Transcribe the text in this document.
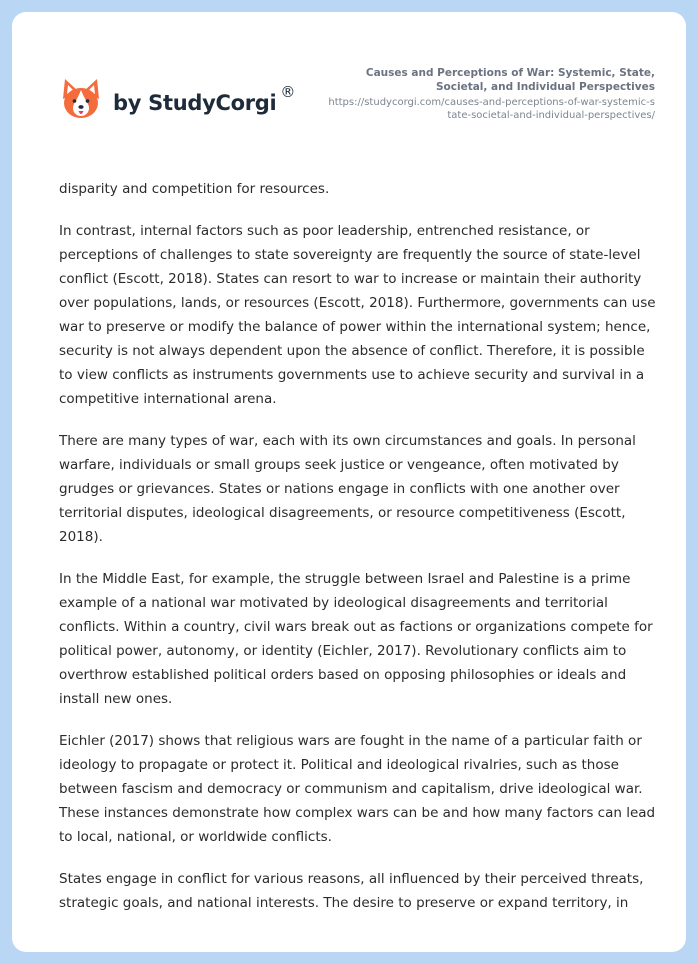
by StudyCorgi ®
Causes and Perceptions of War: Systemic, State, Societal, and Individual Perspectives
https://studycorgi.com/causes-and-perceptions-of-war-systemic-state-societal-and-individual-perspectives/

disparity and competition for resources.

In contrast, internal factors such as poor leadership, entrenched resistance, or perceptions of challenges to state sovereignty are frequently the source of state-level conflict (Escott, 2018). States can resort to war to increase or maintain their authority over populations, lands, or resources (Escott, 2018). Furthermore, governments can use war to preserve or modify the balance of power within the international system; hence, security is not always dependent upon the absence of conflict. Therefore, it is possible to view conflicts as instruments governments use to achieve security and survival in a competitive international arena.

There are many types of war, each with its own circumstances and goals. In personal warfare, individuals or small groups seek justice or vengeance, often motivated by grudges or grievances. States or nations engage in conflicts with one another over territorial disputes, ideological disagreements, or resource competitiveness (Escott, 2018).

In the Middle East, for example, the struggle between Israel and Palestine is a prime example of a national war motivated by ideological disagreements and territorial conflicts. Within a country, civil wars break out as factions or organizations compete for political power, autonomy, or identity (Eichler, 2017). Revolutionary conflicts aim to overthrow established political orders based on opposing philosophies or ideals and install new ones.

Eichler (2017) shows that religious wars are fought in the name of a particular faith or ideology to propagate or protect it. Political and ideological rivalries, such as those between fascism and democracy or communism and capitalism, drive ideological war. These instances demonstrate how complex wars can be and how many factors can lead to local, national, or worldwide conflicts.

States engage in conflict for various reasons, all influenced by their perceived threats, strategic goals, and national interests. The desire to preserve or expand territory, in
